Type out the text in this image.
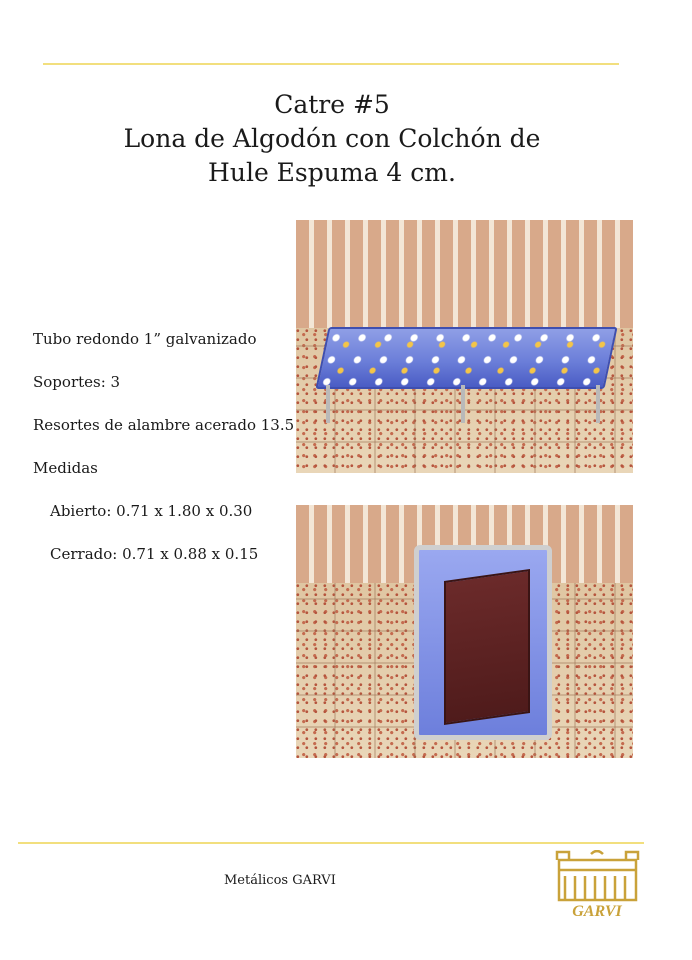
Catre #5
Lona de Algodón con Colchón de
Hule Espuma 4 cm.
Tubo redondo 1” galvanizado
Soportes: 3
Resortes de alambre acerado 13.5
Medidas
Abierto: 0.71 x 1.80 x 0.30
Cerrado: 0.71 x 0.88 x 0.15
Metálicos GARVI
GARVI
